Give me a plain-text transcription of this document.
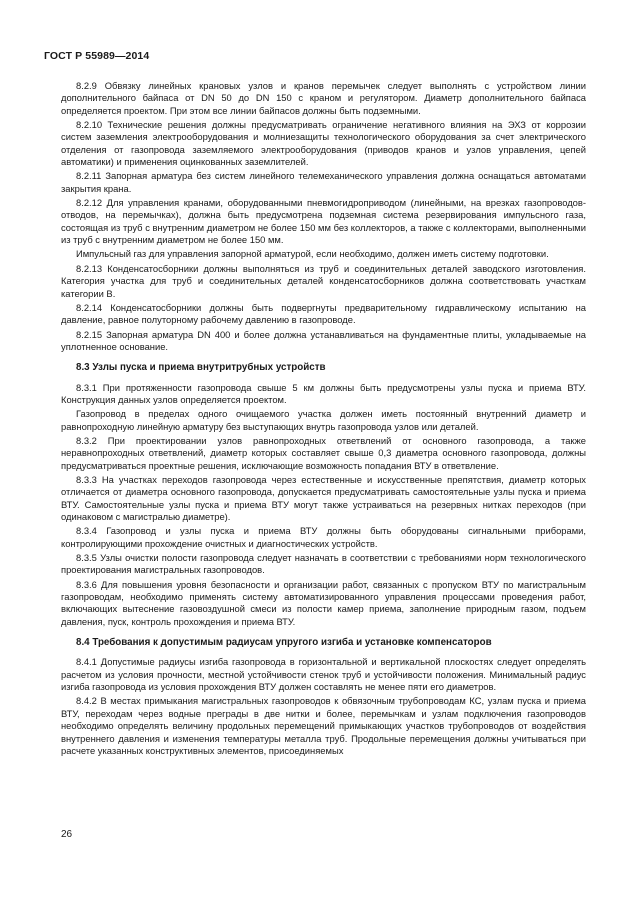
ГОСТ Р 55989—2014

8.2.9 Обвязку линейных крановых узлов и кранов перемычек следует выполнять с устройством линии дополнительного байпаса от DN 50 до DN 150 с краном и регулятором. Диаметр дополнительного байпаса определяется проектом. При этом все линии байпасов должны быть подземными.

8.2.10 Технические решения должны предусматривать ограничение негативного влияния на ЭХЗ от коррозии систем заземления электрооборудования и молниезащиты технологического оборудования за счет электрического отделения от газопровода заземляемого электрооборудования (приводов кранов и узлов управления, цепей автоматики) и применения оцинкованных заземлителей.

8.2.11 Запорная арматура без систем линейного телемеханического управления должна оснащаться автоматами закрытия крана.

8.2.12 Для управления кранами, оборудованными пневмогидроприводом (линейными, на врезках газопроводов-отводов, на перемычках), должна быть предусмотрена подземная система резервирования импульсного газа, состоящая из труб с внутренним диаметром не более 150 мм без коллекторов, а также с коллекторами, выполненными из труб с внутренним диаметром не более 150 мм.

Импульсный газ для управления запорной арматурой, если необходимо, должен иметь систему подготовки.

8.2.13 Конденсатосборники должны выполняться из труб и соединительных деталей заводского изготовления. Категория участка для труб и соединительных деталей конденсатосборников должна соответствовать участкам категории В.

8.2.14 Конденсатосборники должны быть подвергнуты предварительному гидравлическому испытанию на давление, равное полуторному рабочему давлению в газопроводе.

8.2.15 Запорная арматура DN 400 и более должна устанавливаться на фундаментные плиты, укладываемые на уплотненное основание.

8.3 Узлы пуска и приема внутритрубных устройств

8.3.1 При протяженности газопровода свыше 5 км должны быть предусмотрены узлы пуска и приема ВТУ. Конструкция данных узлов определяется проектом.

Газопровод в пределах одного очищаемого участка должен иметь постоянный внутренний диаметр и равнопроходную линейную арматуру без выступающих внутрь газопровода узлов или деталей.

8.3.2 При проектировании узлов равнопроходных ответвлений от основного газопровода, а также неравнопроходных ответвлений, диаметр которых составляет свыше 0,3 диаметра основного газопровода, должны предусматриваться проектные решения, исключающие возможность попадания ВТУ в ответвление.

8.3.3 На участках переходов газопровода через естественные и искусственные препятствия, диаметр которых отличается от диаметра основного газопровода, допускается предусматривать самостоятельные узлы пуска и приема ВТУ. Самостоятельные узлы пуска и приема ВТУ могут также устраиваться на резервных нитках переходов (при одинаковом с магистралью диаметре).

8.3.4 Газопровод и узлы пуска и приема ВТУ должны быть оборудованы сигнальными приборами, контролирующими прохождение очистных и диагностических устройств.

8.3.5 Узлы очистки полости газопровода следует назначать в соответствии с требованиями норм технологического проектирования магистральных газопроводов.

8.3.6 Для повышения уровня безопасности и организации работ, связанных с пропуском ВТУ по магистральным газопроводам, необходимо применять систему автоматизированного управления процессами проведения работ, включающих вытеснение газовоздушной смеси из полости камер приема, заполнение природным газом, подъем давления, пуск, контроль прохождения и приема ВТУ.

8.4 Требования к допустимым радиусам упругого изгиба и установке компенсаторов

8.4.1 Допустимые радиусы изгиба газопровода в горизонтальной и вертикальной плоскостях следует определять расчетом из условия прочности, местной устойчивости стенок труб и устойчивости положения. Минимальный радиус изгиба газопровода из условия прохождения ВТУ должен составлять не менее пяти его диаметров.

8.4.2 В местах примыкания магистральных газопроводов к обвязочным трубопроводам КС, узлам пуска и приема ВТУ, переходам через водные преграды в две нитки и более, перемычкам и узлам подключения газопроводов необходимо определять величину продольных перемещений примыкающих участков трубопроводов от воздействия внутреннего давления и изменения температуры металла труб. Продольные перемещения должны учитываться при расчете указанных конструктивных элементов, присоединяемых

26
